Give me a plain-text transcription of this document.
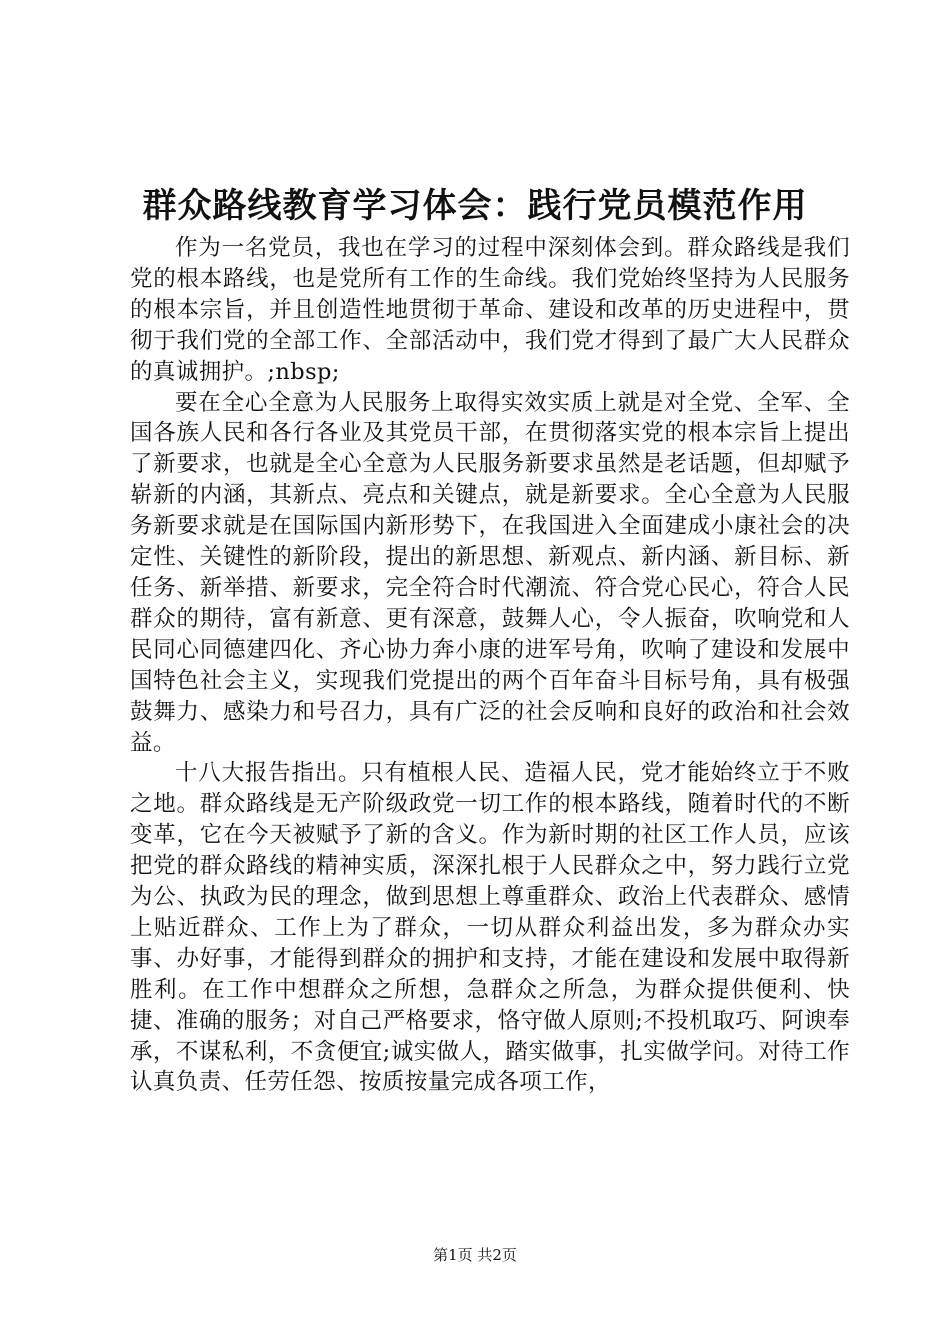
群众路线教育学习体会：践行党员模范作用

作为一名党员，我也在学习的过程中深刻体会到。群众路线是我们党的根本路线，也是党所有工作的生命线。我们党始终坚持为人民服务的根本宗旨，并且创造性地贯彻于革命、建设和改革的历史进程中，贯彻于我们党的全部工作、全部活动中，我们党才得到了最广大人民群众的真诚拥护。;nbsp;

要在全心全意为人民服务上取得实效实质上就是对全党、全军、全国各族人民和各行各业及其党员干部，在贯彻落实党的根本宗旨上提出了新要求，也就是全心全意为人民服务新要求虽然是老话题，但却赋予崭新的内涵，其新点、亮点和关键点，就是新要求。全心全意为人民服务新要求就是在国际国内新形势下，在我国进入全面建成小康社会的决定性、关键性的新阶段，提出的新思想、新观点、新内涵、新目标、新任务、新举措、新要求，完全符合时代潮流、符合党心民心，符合人民群众的期待，富有新意、更有深意，鼓舞人心，令人振奋，吹响党和人民同心同德建四化、齐心协力奔小康的进军号角，吹响了建设和发展中国特色社会主义，实现我们党提出的两个百年奋斗目标号角，具有极强鼓舞力、感染力和号召力，具有广泛的社会反响和良好的政治和社会效益。

十八大报告指出。只有植根人民、造福人民，党才能始终立于不败之地。群众路线是无产阶级政党一切工作的根本路线，随着时代的不断变革，它在今天被赋予了新的含义。作为新时期的社区工作人员，应该把党的群众路线的精神实质，深深扎根于人民群众之中，努力践行立党为公、执政为民的理念，做到思想上尊重群众、政治上代表群众、感情上贴近群众、工作上为了群众，一切从群众利益出发，多为群众办实事、办好事，才能得到群众的拥护和支持，才能在建设和发展中取得新胜利。在工作中想群众之所想，急群众之所急，为群众提供便利、快捷、准确的服务；对自己严格要求，恪守做人原则;不投机取巧、阿谀奉承，不谋私利，不贪便宜;诚实做人，踏实做事，扎实做学问。对待工作认真负责、任劳任怨、按质按量完成各项工作，

第1页 共2页
